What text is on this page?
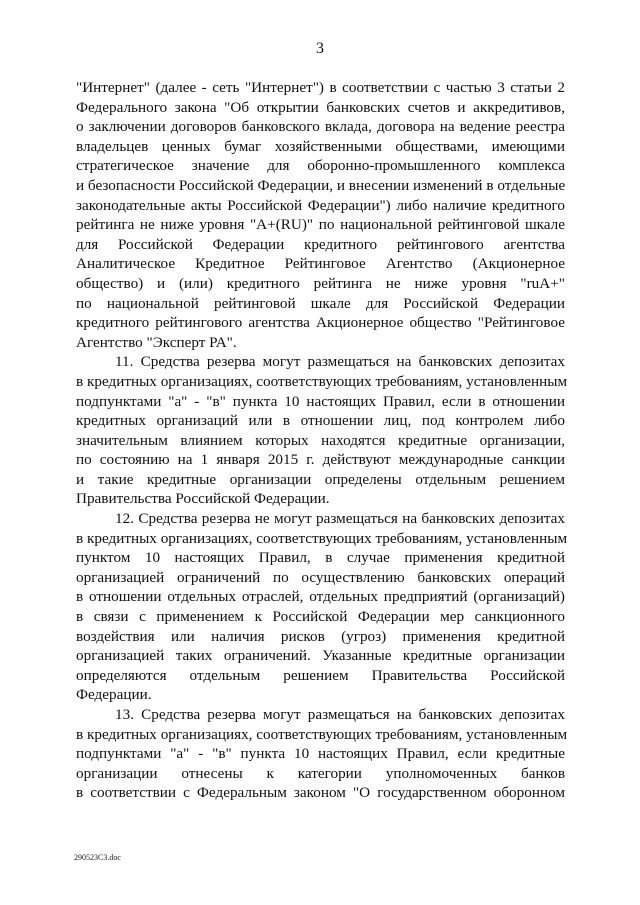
3
"Интернет" (далее - сеть "Интернет") в соответствии с частью 3 статьи 2
Федерального закона "Об открытии банковских счетов и аккредитивов,
о заключении договоров банковского вклада, договора на ведение реестра
владельцев ценных бумаг хозяйственными обществами, имеющими
стратегическое значение для оборонно-промышленного комплекса
и безопасности Российской Федерации, и внесении изменений в отдельные
законодательные акты Российской Федерации") либо наличие кредитного
рейтинга не ниже уровня "A+(RU)" по национальной рейтинговой шкале
для Российской Федерации кредитного рейтингового агентства
Аналитическое Кредитное Рейтинговое Агентство (Акционерное
общество) и (или) кредитного рейтинга не ниже уровня "ruA+"
по национальной рейтинговой шкале для Российской Федерации
кредитного рейтингового агентства Акционерное общество "Рейтинговое
Агентство "Эксперт РА".
11. Средства резерва могут размещаться на банковских депозитах
в кредитных организациях, соответствующих требованиям, установленным
подпунктами "а" - "в" пункта 10 настоящих Правил, если в отношении
кредитных организаций или в отношении лиц, под контролем либо
значительным влиянием которых находятся кредитные организации,
по состоянию на 1 января 2015 г. действуют международные санкции
и такие кредитные организации определены отдельным решением
Правительства Российской Федерации.
12. Средства резерва не могут размещаться на банковских депозитах
в кредитных организациях, соответствующих требованиям, установленным
пунктом 10 настоящих Правил, в случае применения кредитной
организацией ограничений по осуществлению банковских операций
в отношении отдельных отраслей, отдельных предприятий (организаций)
в связи с применением к Российской Федерации мер санкционного
воздействия или наличия рисков (угроз) применения кредитной
организацией таких ограничений. Указанные кредитные организации
определяются отдельным решением Правительства Российской
Федерации.
13. Средства резерва могут размещаться на банковских депозитах
в кредитных организациях, соответствующих требованиям, установленным
подпунктами "а" - "в" пункта 10 настоящих Правил, если кредитные
организации отнесены к категории уполномоченных банков
в соответствии с Федеральным законом "О государственном оборонном
290523C3.doc
